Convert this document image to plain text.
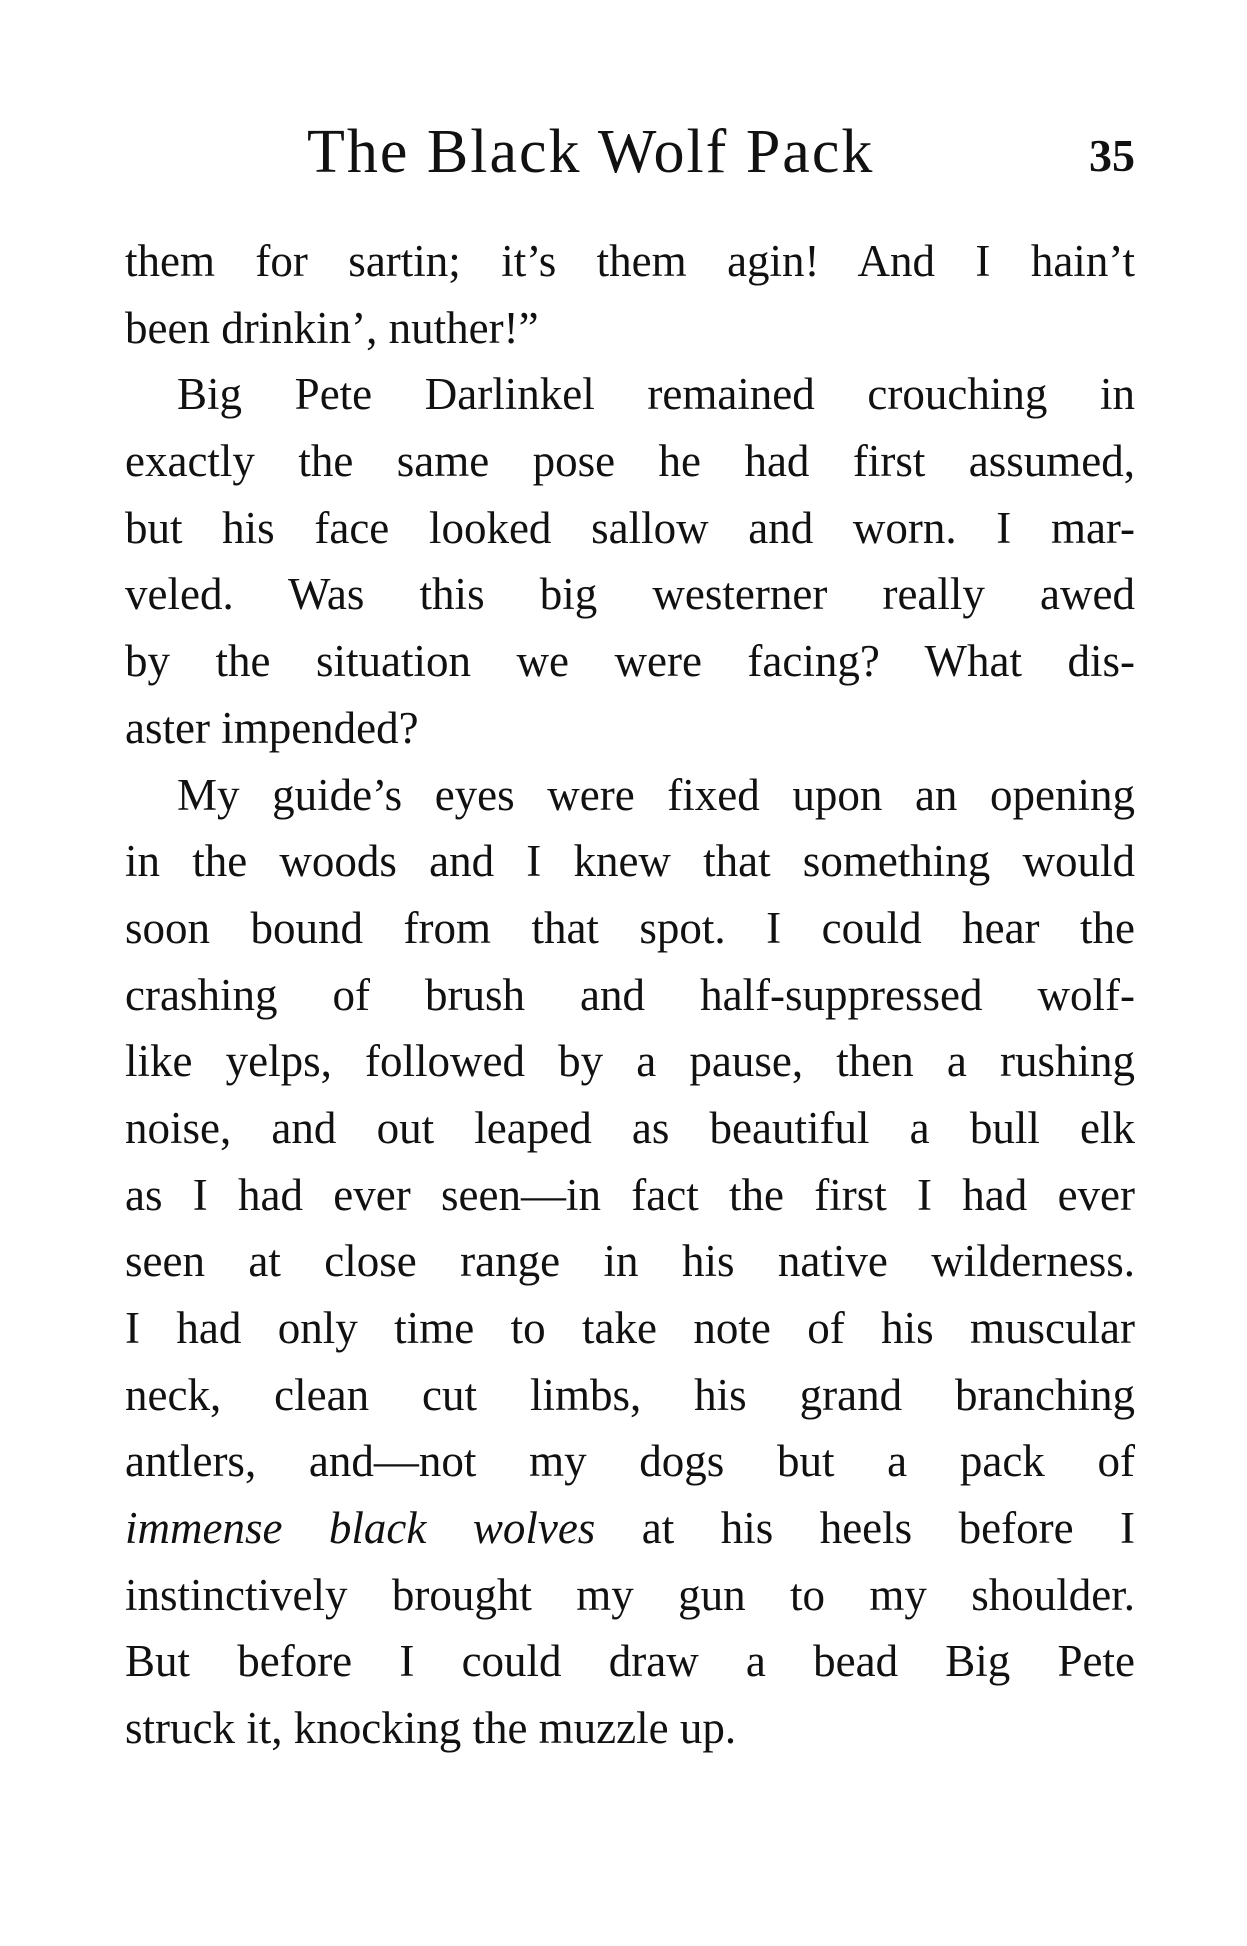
The Black Wolf Pack	35
them for sartin; it’s them agin! And I hain’t
been drinkin’, nuther!”
Big Pete Darlinkel remained crouching in
exactly the same pose he had first assumed,
but his face looked sallow and worn. I mar-
veled. Was this big westerner really awed
by the situation we were facing? What dis-
aster impended?
My guide’s eyes were fixed upon an opening
in the woods and I knew that something would
soon bound from that spot. I could hear the
crashing of brush and half-suppressed wolf-
like yelps, followed by a pause, then a rushing
noise, and out leaped as beautiful a bull elk
as I had ever seen—in fact the first I had ever
seen at close range in his native wilderness.
I had only time to take note of his muscular
neck, clean cut limbs, his grand branching
antlers, and—not my dogs but a pack of
immense black wolves at his heels before I
instinctively brought my gun to my shoulder.
But before I could draw a bead Big Pete
struck it, knocking the muzzle up.
